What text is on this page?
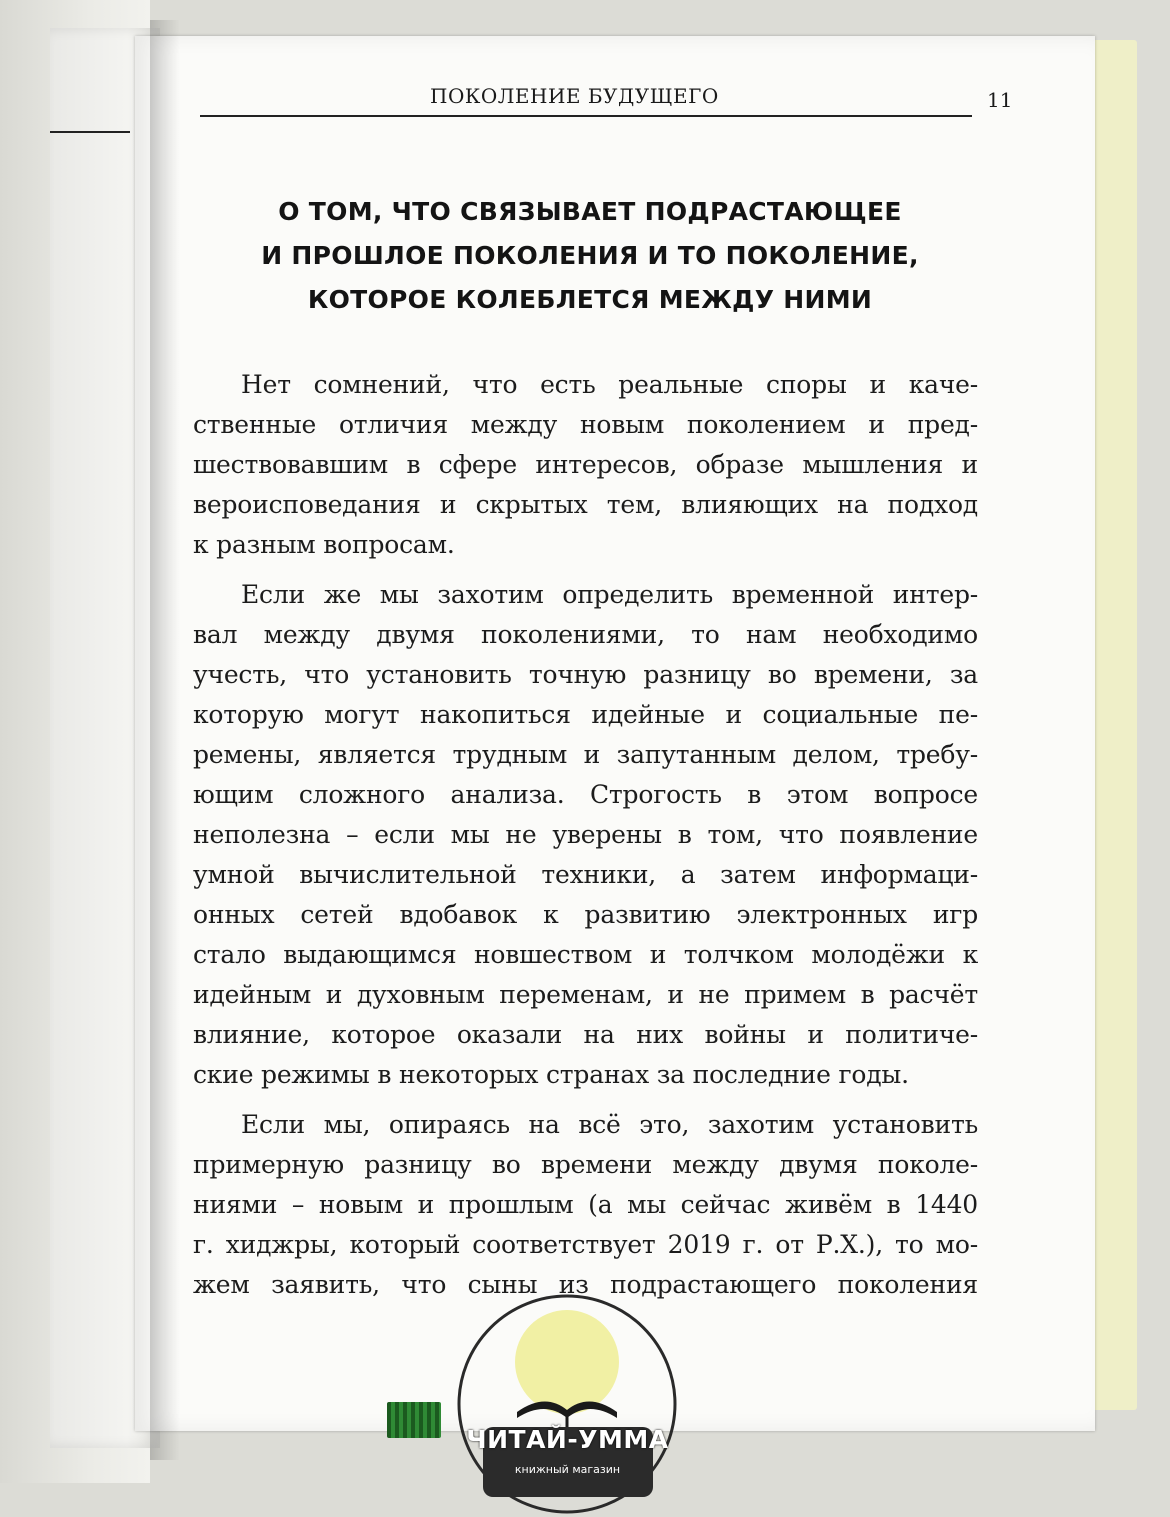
ПОКОЛЕНИЕ БУДУЩЕГО	11
О ТОМ, ЧТО СВЯЗЫВАЕТ ПОДРАСТАЮЩЕЕ
И ПРОШЛОЕ ПОКОЛЕНИЯ И ТО ПОКОЛЕНИЕ,
КОТОРОЕ КОЛЕБЛЕТСЯ МЕЖДУ НИМИ
Нет сомнений, что есть реальные споры и каче-
ственные отличия между новым поколением и пред-
шествовавшим в сфере интересов, образе мышления и
вероисповедания и скрытых тем, влияющих на подход
к разным вопросам.
Если же мы захотим определить временной интер-
вал между двумя поколениями, то нам необходимо
учесть, что установить точную разницу во времени, за
которую могут накопиться идейные и социальные пе-
ремены, является трудным и запутанным делом, требу-
ющим сложного анализа. Строгость в этом вопросе
неполезна – если мы не уверены в том, что появление
умной вычислительной техники, а затем информаци-
онных сетей вдобавок к развитию электронных игр
стало выдающимся новшеством и толчком молодёжи к
идейным и духовным переменам, и не примем в расчёт
влияние, которое оказали на них войны и политиче-
ские режимы в некоторых странах за последние годы.
Если мы, опираясь на всё это, захотим установить
примерную разницу во времени между двумя поколе-
ниями – новым и прошлым (а мы сейчас живём в 1440
г. хиджры, который соответствует 2019 г. от Р.Х.), то мо-
жем заявить, что сыны из подрастающего поколения
ЧИТАЙ-УММА
книжный магазин
